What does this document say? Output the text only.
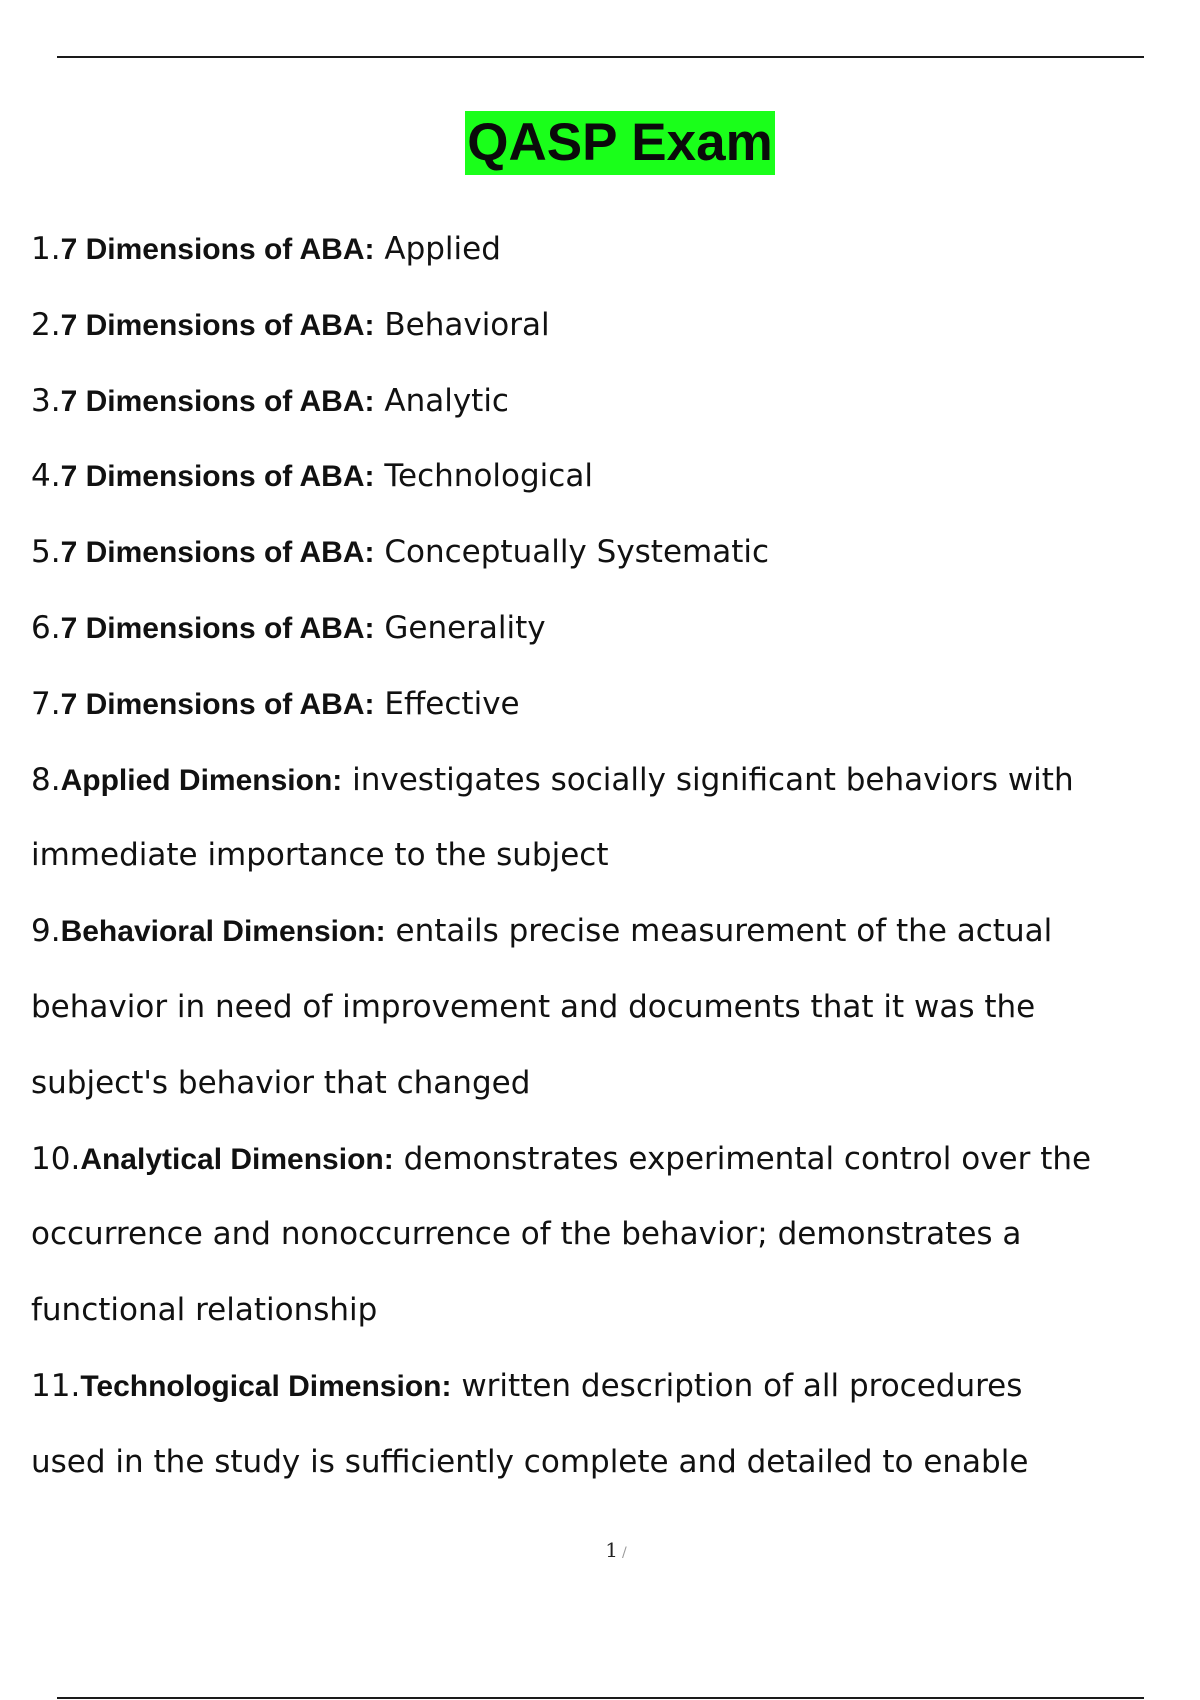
QASP Exam
1.7 Dimensions of ABA: Applied
2.7 Dimensions of ABA: Behavioral
3.7 Dimensions of ABA: Analytic
4.7 Dimensions of ABA: Technological
5.7 Dimensions of ABA: Conceptually Systematic
6.7 Dimensions of ABA: Generality
7.7 Dimensions of ABA: Effective
8.Applied Dimension: investigates socially significant behaviors with
immediate importance to the subject
9.Behavioral Dimension: entails precise measurement of the actual
behavior in need of improvement and documents that it was the
subject's behavior that changed
10.Analytical Dimension: demonstrates experimental control over the
occurrence and nonoccurrence of the behavior; demonstrates a
functional relationship
11.Technological Dimension: written description of all procedures
used in the study is sufficiently complete and detailed to enable
1 /
